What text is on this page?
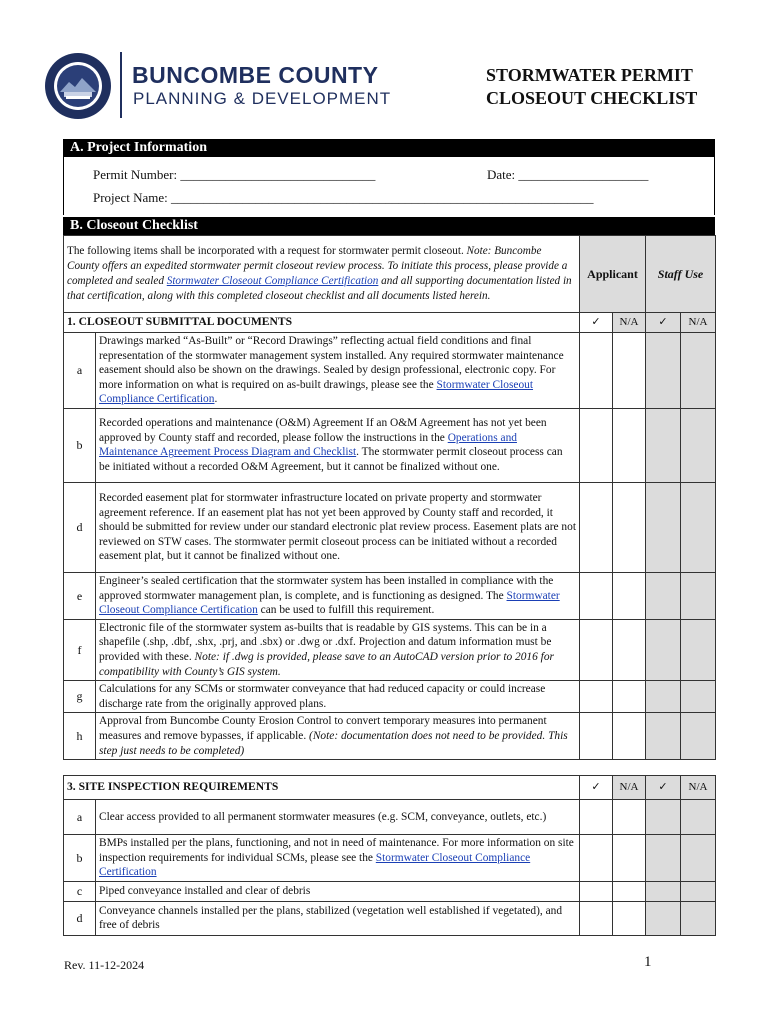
BUNCOMBE COUNTY
PLANNING & DEVELOPMENT
STORMWATER PERMIT
CLOSEOUT CHECKLIST
A. Project Information
Permit Number: ______________________________	Date: ____________________
Project Name: _________________________________________________________________
B. Closeout Checklist
The following items shall be incorporated with a request for stormwater permit closeout. Note: Buncombe County offers an expedited stormwater permit closeout review process. To initiate this process, please provide a completed and sealed Stormwater Closeout Compliance Certification and all supporting documentation listed in that certification, along with this completed closeout checklist and all documents listed herein.		Applicant		Staff Use	
1. CLOSEOUT SUBMITTAL DOCUMENTS		✓	N/A	✓	N/A
a	Drawings marked “As-Built” or “Record Drawings” reflecting actual field conditions and final representation of the stormwater management system installed. Any required stormwater maintenance easement should also be shown on the drawings. Sealed by design professional, electronic copy. For more information on what is required on as-built drawings, please see the Stormwater Closeout Compliance Certification.				
b	Recorded operations and maintenance (O&M) Agreement If an O&M Agreement has not yet been approved by County staff and recorded, please follow the instructions in the Operations and Maintenance Agreement Process Diagram and Checklist. The stormwater permit closeout process can be initiated without a recorded O&M Agreement, but it cannot be finalized without one.				
d	Recorded easement plat for stormwater infrastructure located on private property and stormwater agreement reference. If an easement plat has not yet been approved by County staff and recorded, it should be submitted for review under our standard electronic plat review process. Easement plats are not reviewed on STW cases. The stormwater permit closeout process can be initiated without a recorded easement plat, but it cannot be finalized without one.				
e	Engineer’s sealed certification that the stormwater system has been installed in compliance with the approved stormwater management plan, is complete, and is functioning as designed. The Stormwater Closeout Compliance Certification can be used to fulfill this requirement.				
f	Electronic file of the stormwater system as-builts that is readable by GIS systems. This can be in a shapefile (.shp, .dbf, .shx, .prj, and .sbx) or .dwg or .dxf. Projection and datum information must be provided with these. Note: if .dwg is provided, please save to an AutoCAD version prior to 2016 for compatibility with County’s GIS system.				
g	Calculations for any SCMs or stormwater conveyance that had reduced capacity or could increase discharge rate from the originally approved plans.				
h	Approval from Buncombe County Erosion Control to convert temporary measures into permanent measures and remove bypasses, if applicable. (Note: documentation does not need to be provided. This step just needs to be completed)				
3. SITE INSPECTION REQUIREMENTS		✓	N/A	✓	N/A
a	Clear access provided to all permanent stormwater measures (e.g. SCM, conveyance, outlets, etc.)				
b	BMPs installed per the plans, functioning, and not in need of maintenance. For more information on site inspection requirements for individual SCMs, please see the Stormwater Closeout Compliance Certification				
c	Piped conveyance installed and clear of debris				
d	Conveyance channels installed per the plans, stabilized (vegetation well established if vegetated), and free of debris				
Rev. 11-12-2024	1
